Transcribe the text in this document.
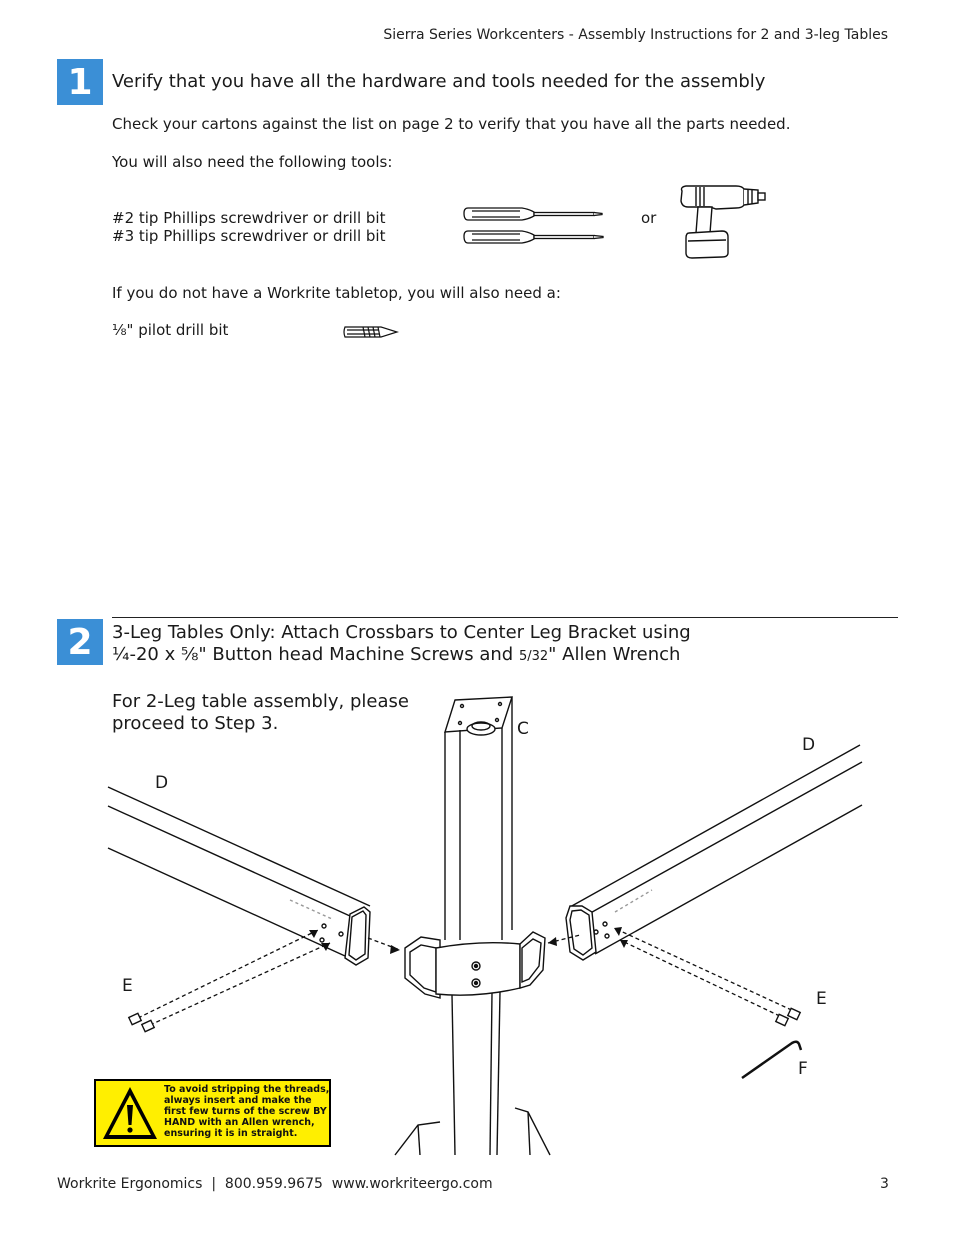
Sierra Series Workcenters - Assembly Instructions for 2 and 3-leg Tables
1	Verify that you have all the hardware and tools needed for the assembly
Check your cartons against the list on page 2 to verify that you have all the parts needed.
You will also need the following tools:
#2 tip Phillips screwdriver or drill bit
#3 tip Phillips screwdriver or drill bit
or
If you do not have a Workrite tabletop, you will also need a:
⅛" pilot drill bit
2	3-Leg Tables Only: Attach Crossbars to Center Leg Bracket using
¼-20 x ⅝" Button head Machine Screws and 5/32" Allen Wrench
For 2-Leg table assembly, please
proceed to Step 3.	C
D
D
E
E
F
To avoid stripping the threads, always insert and make the first few turns of the screw BY HAND with an Allen wrench, ensuring it is in straight.
Workrite Ergonomics  |  800.959.9675  www.workriteergo.com	3
